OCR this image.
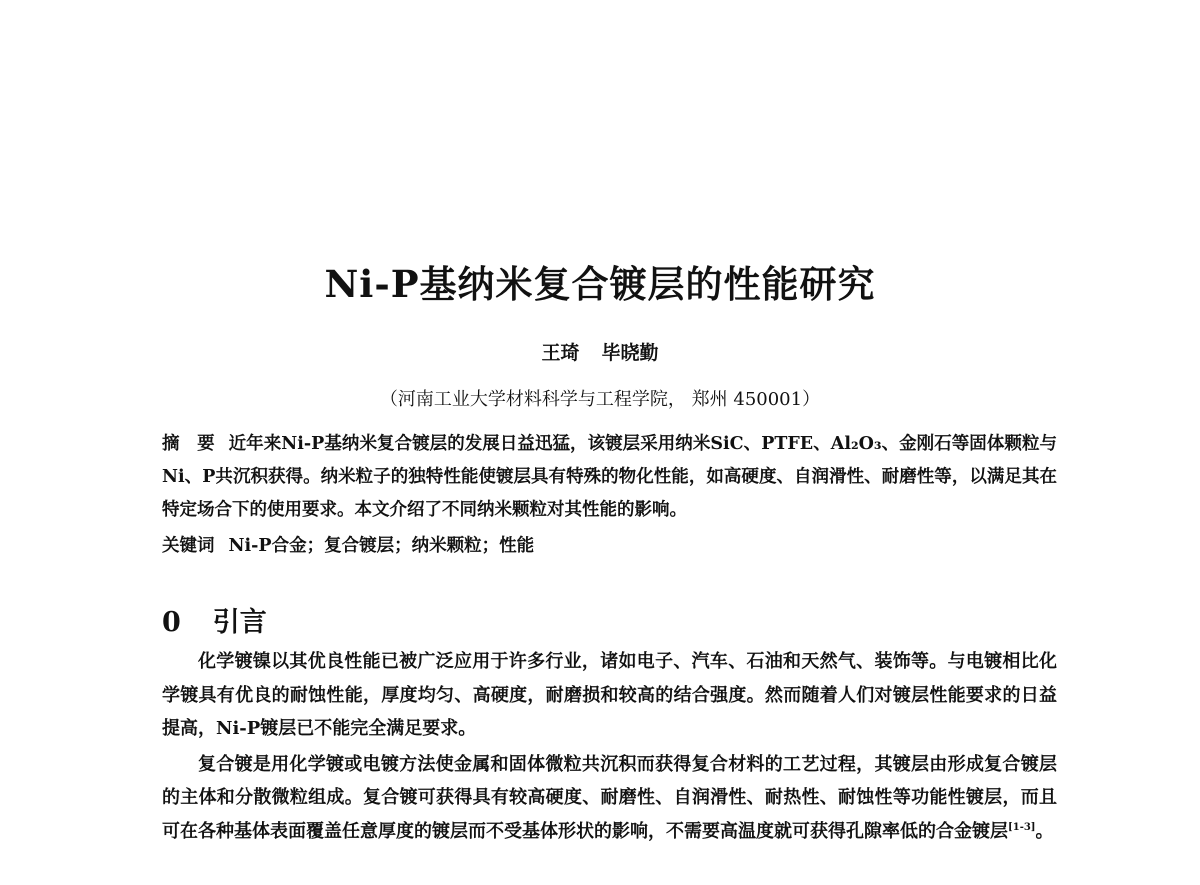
Ni-P基纳米复合镀层的性能研究
王琦 毕晓勤
（河南工业大学材料科学与工程学院， 郑州 450001）
摘　要 近年来Ni-P基纳米复合镀层的发展日益迅猛，该镀层采用纳米SiC、PTFE、Al₂O₃、金刚石等固体颗粒与Ni、P共沉积获得。纳米粒子的独特性能使镀层具有特殊的物化性能，如高硬度、自润滑性、耐磨性等，以满足其在特定场合下的使用要求。本文介绍了不同纳米颗粒对其性能的影响。
关键词 Ni-P合金；复合镀层；纳米颗粒；性能
0 引言

化学镀镍以其优良性能已被广泛应用于许多行业，诸如电子、汽车、石油和天然气、装饰等。与电镀相比化学镀具有优良的耐蚀性能，厚度均匀、高硬度，耐磨损和较高的结合强度。然而随着人们对镀层性能要求的日益提高，Ni-P镀层已不能完全满足要求。

复合镀是用化学镀或电镀方法使金属和固体微粒共沉积而获得复合材料的工艺过程，其镀层由形成复合镀层的主体和分散微粒组成。复合镀可获得具有较高硬度、耐磨性、自润滑性、耐热性、耐蚀性等功能性镀层，而且可在各种基体表面覆盖任意厚度的镀层而不受基体形状的影响，不需要高温度就可获得孔隙率低的合金镀层[1-3]。
